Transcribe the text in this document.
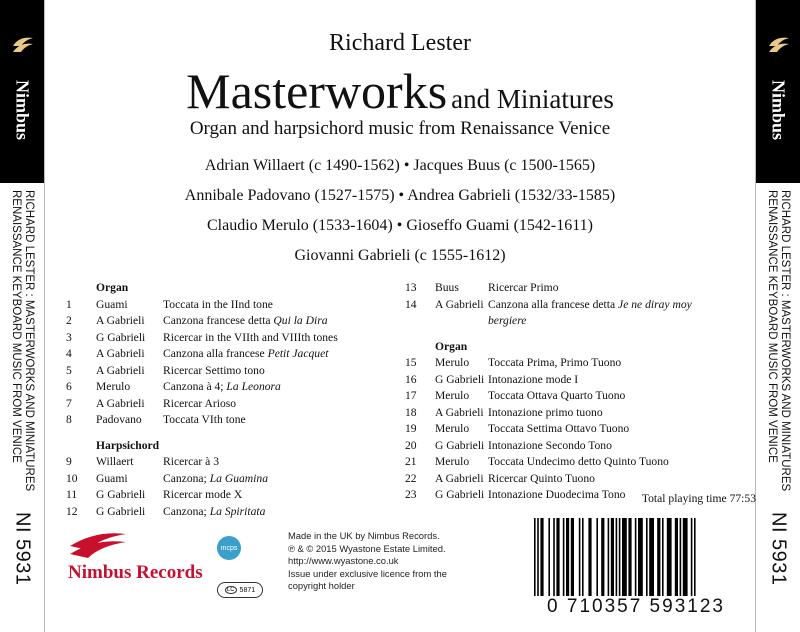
Nimbus
RICHARD LESTER : MASTERWORKS AND MINIATURES
RENAISSANCE KEYBOARD MUSIC FROM VENICE
NI 5931
Nimbus
RICHARD LESTER : MASTERWORKS AND MINIATURES
RENAISSANCE KEYBOARD MUSIC FROM VENICE
NI 5931
Richard Lester
Masterworks and Miniatures
Organ and harpsichord music from Renaissance Venice
Adrian Willaert (c 1490-1562) • Jacques Buus (c 1500-1565)
Annibale Padovano (1527-1575) • Andrea Gabrieli (1532/33-1585)
Claudio Merulo (1533-1604) • Gioseffo Guami (1542-1611)
Giovanni Gabrieli (c 1555-1612)
Organ
1 Guami	Toccata in the IInd tone
2 A Gabrieli Canzona francese detta Qui la Dira
3 G Gabrieli Ricercar in the VIIth and VIIIth tones
4 A Gabrieli Canzona alla francese Petit Jacquet
5 A Gabrieli Ricercar Settimo tono
6 Merulo	Canzona à 4; La Leonora
7 A Gabrieli Ricercar Arioso
8 Padovano Toccata VIth tone
Harpsichord
9 Willaert	Ricercar à 3
10 Guami	Canzona; La Guamina
11 G Gabrieli Ricercar mode X
12 G Gabrieli Canzona; La Spiritata
13 Buus	Ricercar Primo
14 A Gabrieli Canzona alla francese detta Je ne diray moy
bergiere
Organ
15 Merulo Toccata Prima, Primo Tuono
16 G Gabrieli Intonazione mode I
17 Merulo Toccata Ottava Quarto Tuono
18 A Gabrieli Intonazione primo tuono
19 Merulo Toccata Settima Ottavo Tuono
20 G Gabrieli Intonazione Secondo Tono
21 Merulo Toccata Undecimo detto Quinto Tuono
22 A Gabrieli Ricercar Quinto Tuono
23 G Gabrieli Intonazione Duodecima Tono	Total playing time 77:53
Nimbus Records
mcps
LC 5871
Made in the UK by Nimbus Records.
℗ & © 2015 Wyastone Estate Limited.
http://www.wyastone.co.uk
Issue under exclusive licence from the
copyright holder
0 710357 593123
